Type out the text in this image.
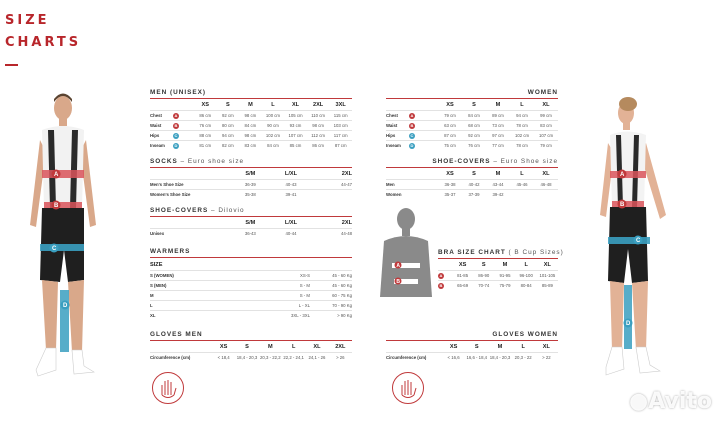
SIZE
CHARTS
A
B
C
D
A
B
C
D
A
B
MEN (UNISEX)
	XS	S	M	L	XL	2XL	3XL
Chest A	86 cm	92 cm	98 cm	100 cm	105 cm	110 cm	115 cm
Waist B	76 cm	80 cm	84 cm	90 cm	93 cm	98 cm	103 cm
Hips C	88 cm	94 cm	98 cm	102 cm	107 cm	112 cm	117 cm
Inseam D	81 cm	82 cm	83 cm	84 cm	85 cm	86 cm	87 cm
SOCKS – Euro shoe size
	S/M	L/XL	2XL
Men's Shoe Size	36-39	40-43	44-47
Women's Shoe Size	35-38	39-41	
SHOE-COVERS – Dilovio
	S/M	L/XL	2XL
Unisex	36-43	40-44	44-48
WARMERS
SIZE
S (WOMEN)	XS-S	45 - 60 Kg
S (MEN)	S - M	45 - 60 Kg
M	S - M	60 - 75 Kg
L	L - XL	70 - 90 Kg
XL	3XL - 3XL	> 90 Kg
GLOVES MEN
	XS	S	M	L	XL	2XL
Circumference (cm)	< 18,4	18,4 - 20,3	20,3 - 22,2	22,2 - 24,1	24,1 - 26	> 26
WOMEN
	XS	S	M	L	XL
Chest A	79 cm	84 cm	89 cm	94 cm	99 cm
Waist B	63 cm	68 cm	73 cm	78 cm	83 cm
Hips C	87 cm	92 cm	97 cm	102 cm	107 cm
Inseam D	75 cm	76 cm	77 cm	78 cm	79 cm
SHOE-COVERS – Euro Shoe size
	XS	S	M	L	XL
Men	36-38	40-42	43-44	45-46	46-48
Women	35-37	37-39	39-42		
BRA SIZE CHART ( B Cup Sizes)
	XS	S	M	L	XL
A	81-85	86-90	91-95	96-100	101-105
B	65-69	70-74	75-79	80-84	85-89
GLOVES WOMEN
	XS	S	M	L	XL
Circumference (cm)	< 16,6	16,6 - 18,4	18,4 - 20,3	20,3 - 22	> 22
●Avito
